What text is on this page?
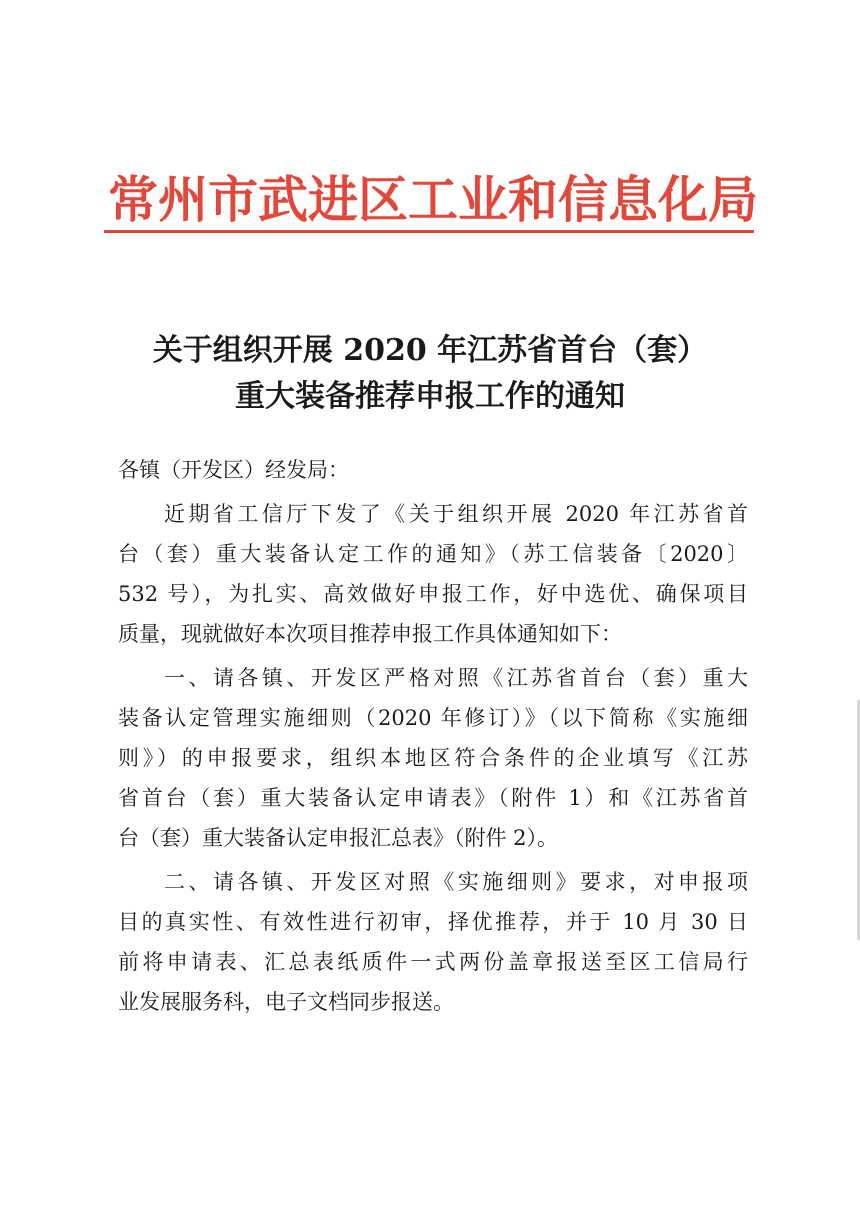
常州市武进区工业和信息化局
关于组织开展 2020 年江苏省首台（套）
重大装备推荐申报工作的通知
各镇（开发区）经发局：
近期省工信厅下发了《关于组织开展 2020 年江苏省首
台（套）重大装备认定工作的通知》（苏工信装备〔2020〕
532 号），为扎实、高效做好申报工作，好中选优、确保项目
质量，现就做好本次项目推荐申报工作具体通知如下：
一、请各镇、开发区严格对照《江苏省首台（套）重大
装备认定管理实施细则（2020 年修订）》（以下简称《实施细
则》）的申报要求，组织本地区符合条件的企业填写《江苏
省首台（套）重大装备认定申请表》（附件 1）和《江苏省首
台（套）重大装备认定申报汇总表》（附件 2）。
二、请各镇、开发区对照《实施细则》要求，对申报项
目的真实性、有效性进行初审，择优推荐，并于 10 月 30 日
前将申请表、汇总表纸质件一式两份盖章报送至区工信局行
业发展服务科，电子文档同步报送。
